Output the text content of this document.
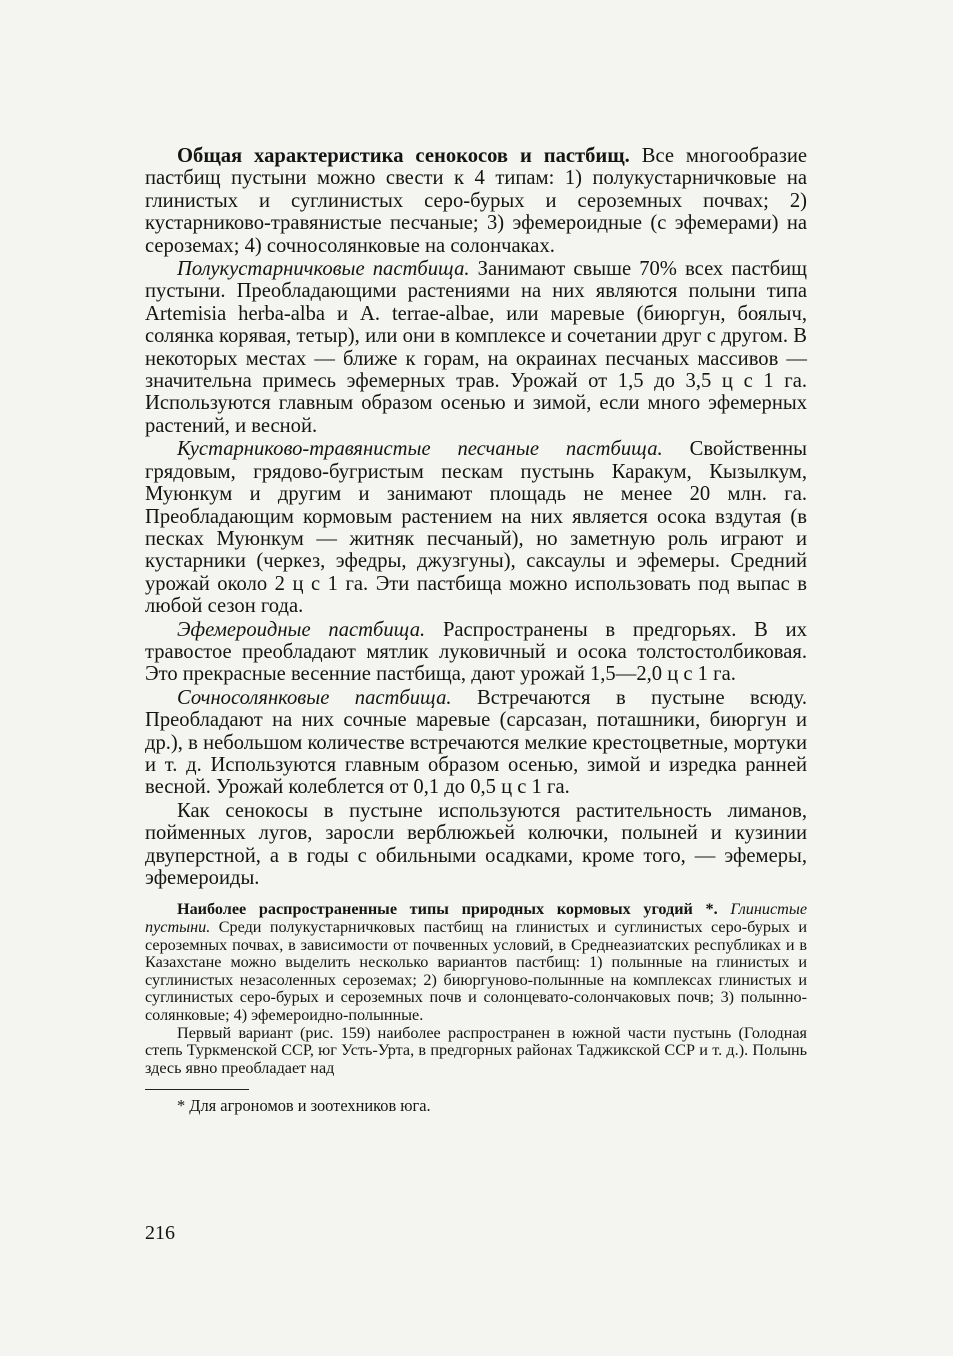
Общая характеристика сенокосов и пастбищ. Все многообразие пастбищ пустыни можно свести к 4 типам: 1) полукустарничковые на глинистых и суглинистых серо-бурых и сероземных почвах; 2) кустарниково-травянистые песчаные; 3) эфемероидные (с эфемерами) на сероземах; 4) сочносолянковые на солончаках.

Полукустарничковые пастбища. Занимают свыше 70% всех пастбищ пустыни. Преобладающими растениями на них являются полыни типа Artemisia herba-alba и A. terrae-albae, или маревые (биюргун, боялыч, солянка корявая, тетыр), или они в комплексе и сочетании друг с другом. В некоторых местах — ближе к горам, на окраинах песчаных массивов — значительна примесь эфемерных трав. Урожай от 1,5 до 3,5 ц с 1 га. Используются главным образом осенью и зимой, если много эфемерных растений, и весной.

Кустарниково-травянистые песчаные пастбища. Свойственны грядовым, грядово-бугристым пескам пустынь Каракум, Кызылкум, Муюнкум и другим и занимают площадь не менее 20 млн. га. Преобладающим кормовым растением на них является осока вздутая (в песках Муюнкум — житняк песчаный), но заметную роль играют и кустарники (черкез, эфедры, джузгуны), саксаулы и эфемеры. Средний урожай около 2 ц с 1 га. Эти пастбища можно использовать под выпас в любой сезон года.

Эфемероидные пастбища. Распространены в предгорьях. В их травостое преобладают мятлик луковичный и осока толстостолбиковая. Это прекрасные весенние пастбища, дают урожай 1,5—2,0 ц с 1 га.

Сочносолянковые пастбища. Встречаются в пустыне всюду. Преобладают на них сочные маревые (сарсазан, поташники, биюргун и др.), в небольшом количестве встречаются мелкие крестоцветные, мортуки и т. д. Используются главным образом осенью, зимой и изредка ранней весной. Урожай колеблется от 0,1 до 0,5 ц с 1 га.

Как сенокосы в пустыне используются растительность лиманов, пойменных лугов, заросли верблюжьей колючки, полыней и кузинии двуперстной, а в годы с обильными осадками, кроме того, — эфемеры, эфемероиды.

Наиболее распространенные типы природных кормовых угодий *. Глинистые пустыни. Среди полукустарничковых пастбищ на глинистых и суглинистых серо-бурых и сероземных почвах, в зависимости от почвенных условий, в Среднеазиатских республиках и в Казахстане можно выделить несколько вариантов пастбищ: 1) полынные на глинистых и суглинистых незасоленных сероземах; 2) биюргуново-полынные на комплексах глинистых и суглинистых серо-бурых и сероземных почв и солонцевато-солончаковых почв; 3) полынно-солянковые; 4) эфемероидно-полынные.

Первый вариант (рис. 159) наиболее распространен в южной части пустынь (Голодная степь Туркменской ССР, юг Усть-Урта, в предгорных районах Таджикской ССР и т. д.). Полынь здесь явно преобладает над

* Для агрономов и зоотехников юга.
216
